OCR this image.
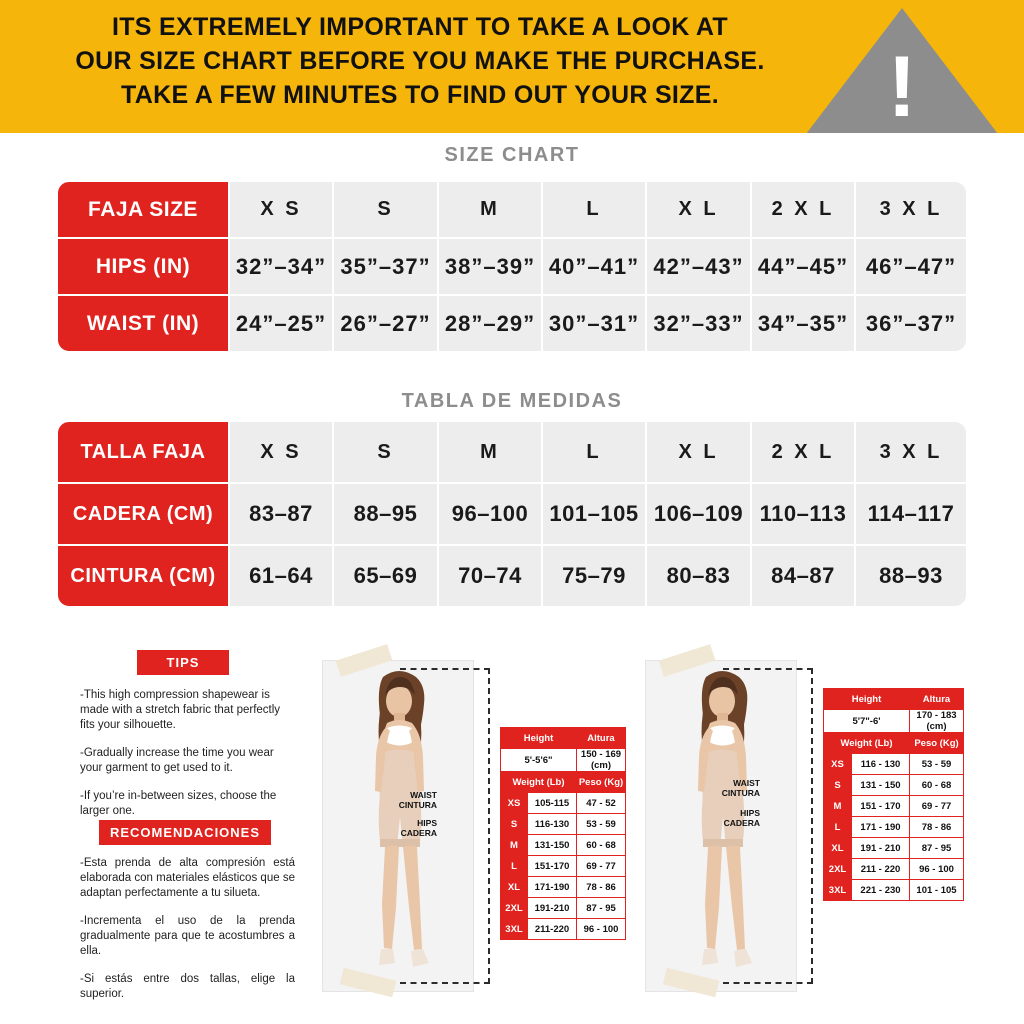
ITS EXTREMELY IMPORTANT TO TAKE A LOOK AT
OUR SIZE CHART BEFORE YOU MAKE THE PURCHASE.
TAKE A FEW MINUTES TO FIND OUT YOUR SIZE.	!
SIZE CHART
FAJA SIZE	X S	S	M	L	X L	2 X L	3 X L
HIPS (IN)	32”–34”	35”–37”	38”–39”	40”–41”	42”–43”	44”–45”	46”–47”
WAIST (IN)	24”–25”	26”–27”	28”–29”	30”–31”	32”–33”	34”–35”	36”–37”
TABLA DE MEDIDAS
TALLA FAJA	X S	S	M	L	X L	2 X L	3 X L
CADERA (CM)	83–87	88–95	96–100	101–105	106–109	110–113	114–117
CINTURA (CM)	61–64	65–69	70–74	75–79	80–83	84–87	88–93
TIPS

-This high compression shapewear is made with a stretch fabric that perfectly fits your silhouette.

-Gradually increase the time you wear your garment to get used to it.

-If you’re in-between sizes, choose the larger one.

RECOMENDACIONES

-Esta prenda de alta compresión está elaborada con materiales elásticos que se adaptan perfectamente a tu silueta.

-Incrementa el uso de la prenda gradualmente para que te acostumbres a ella.

-Si estás entre dos tallas, elige la superior.

WAIST
CINTURA
HIPS
CADERA
Height		Altura
5'-5'6"		150 - 169 (cm)
Weight (Lb)		Peso (Kg)
XS	105-115	47 - 52
S	116-130	53 - 59
M	131-150	60 - 68
L	151-170	69 - 77
XL	171-190	78 - 86
2XL	191-210	87 - 95
3XL	211-220	96 - 100
WAIST
CINTURA
HIPS
CADERA
Height		Altura
5'7"-6'		170 - 183 (cm)
Weight (Lb)		Peso (Kg)
XS	116 - 130	53 - 59
S	131 - 150	60 - 68
M	151 - 170	69 - 77
L	171 - 190	78 - 86
XL	191 - 210	87 - 95
2XL	211 - 220	96 - 100
3XL	221 - 230	101 - 105
